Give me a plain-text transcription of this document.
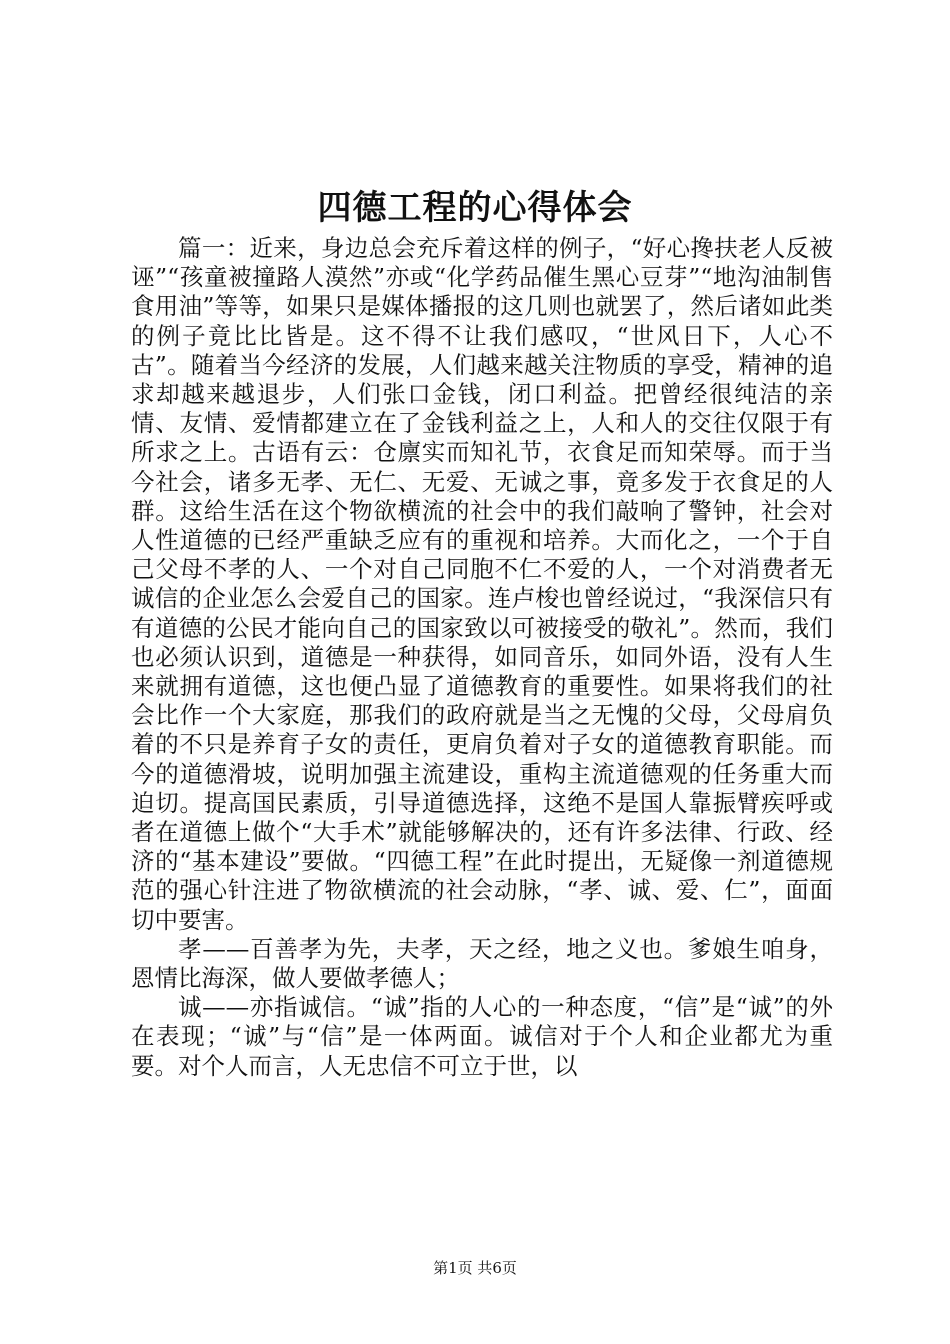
四德工程的心得体会

篇一：近来，身边总会充斥着这样的例子，“好心搀扶老人反被诬”“孩童被撞路人漠然”亦或“化学药品催生黑心豆芽”“地沟油制售食用油”等等，如果只是媒体播报的这几则也就罢了，然后诸如此类的例子竟比比皆是。这不得不让我们感叹，“世风日下，人心不古”。随着当今经济的发展，人们越来越关注物质的享受，精神的追求却越来越退步，人们张口金钱，闭口利益。把曾经很纯洁的亲情、友情、爱情都建立在了金钱利益之上，人和人的交往仅限于有所求之上。古语有云：仓廪实而知礼节，衣食足而知荣辱。而于当今社会，诸多无孝、无仁、无爱、无诚之事，竟多发于衣食足的人群。这给生活在这个物欲横流的社会中的我们敲响了警钟，社会对人性道德的已经严重缺乏应有的重视和培养。大而化之，一个于自己父母不孝的人、一个对自己同胞不仁不爱的人，一个对消费者无诚信的企业怎么会爱自己的国家。连卢梭也曾经说过，“我深信只有有道德的公民才能向自己的国家致以可被接受的敬礼”。然而，我们也必须认识到，道德是一种获得，如同音乐，如同外语，没有人生来就拥有道德，这也便凸显了道德教育的重要性。如果将我们的社会比作一个大家庭，那我们的政府就是当之无愧的父母，父母肩负着的不只是养育子女的责任，更肩负着对子女的道德教育职能。而今的道德滑坡，说明加强主流建设，重构主流道德观的任务重大而迫切。提高国民素质，引导道德选择，这绝不是国人靠振臂疾呼或者在道德上做个“大手术”就能够解决的，还有许多法律、行政、经济的“基本建设”要做。“四德工程”在此时提出，无疑像一剂道德规范的强心针注进了物欲横流的社会动脉，“孝、诚、爱、仁”，面面切中要害。

孝——百善孝为先，夫孝，天之经，地之义也。爹娘生咱身，恩情比海深，做人要做孝德人；

诚——亦指诚信。“诚”指的人心的一种态度，“信”是“诚”的外在表现；“诚”与“信”是一体两面。诚信对于个人和企业都尤为重要。对个人而言，人无忠信不可立于世，以

第1页 共6页
